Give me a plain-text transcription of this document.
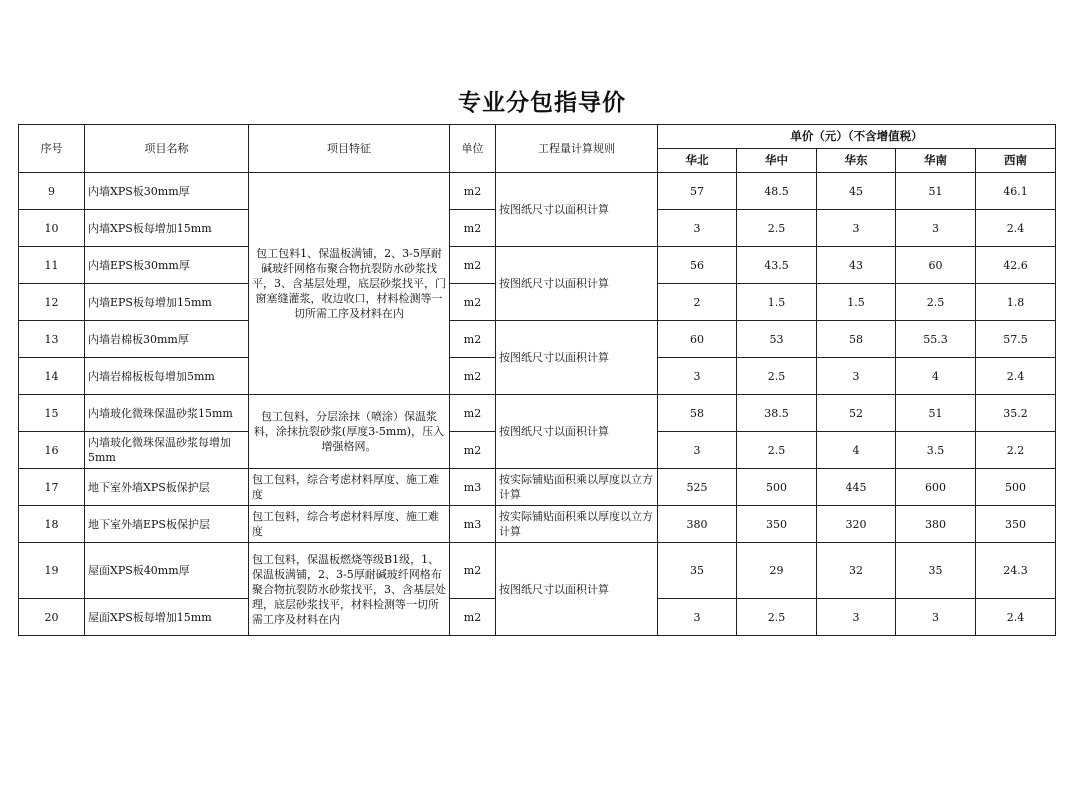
专业分包指导价
序号	项目名称	项目特征	单位	工程量计算规则	单价（元）（不含增值税）				
					华北	华中	华东	华南	西南
9	内墙XPS板30mm厚	包工包料1、保温板满铺，2、3-5厚耐碱玻纤网格布聚合物抗裂防水砂浆找平，3、含基层处理，底层砂浆找平，门窗塞缝灌浆，收边收口，材料检测等一切所需工序及材料在内	m2	按图纸尺寸以面积计算	57	48.5	45	51	46.1
10	内墙XPS板每增加15mm		m2		3	2.5	3	3	2.4
11	内墙EPS板30mm厚		m2	按图纸尺寸以面积计算	56	43.5	43	60	42.6
12	内墙EPS板每增加15mm		m2		2	1.5	1.5	2.5	1.8
13	内墙岩棉板30mm厚		m2	按图纸尺寸以面积计算	60	53	58	55.3	57.5
14	内墙岩棉板板每增加5mm		m2		3	2.5	3	4	2.4
15	内墙玻化微珠保温砂浆15mm	包工包料，分层涂抹（喷涂）保温浆料，涂抹抗裂砂浆(厚度3-5mm)，压入增强格网。	m2	按图纸尺寸以面积计算	58	38.5	52	51	35.2
16	内墙玻化微珠保温砂浆每增加5mm		m2		3	2.5	4	3.5	2.2
17	地下室外墙XPS板保护层	包工包料，综合考虑材料厚度、施工难度	m3	按实际铺贴面积乘以厚度以立方计算	525	500	445	600	500
18	地下室外墙EPS板保护层	包工包料，综合考虑材料厚度、施工难度	m3	按实际铺贴面积乘以厚度以立方计算	380	350	320	380	350
19	屋面XPS板40mm厚	包工包料，保温板燃烧等级B1级，1、保温板满铺，2、3-5厚耐碱玻纤网格布聚合物抗裂防水砂浆找平，3、含基层处理，底层砂浆找平，材料检测等一切所需工序及材料在内	m2	按图纸尺寸以面积计算	35	29	32	35	24.3
20	屋面XPS板每增加15mm		m2		3	2.5	3	3	2.4
